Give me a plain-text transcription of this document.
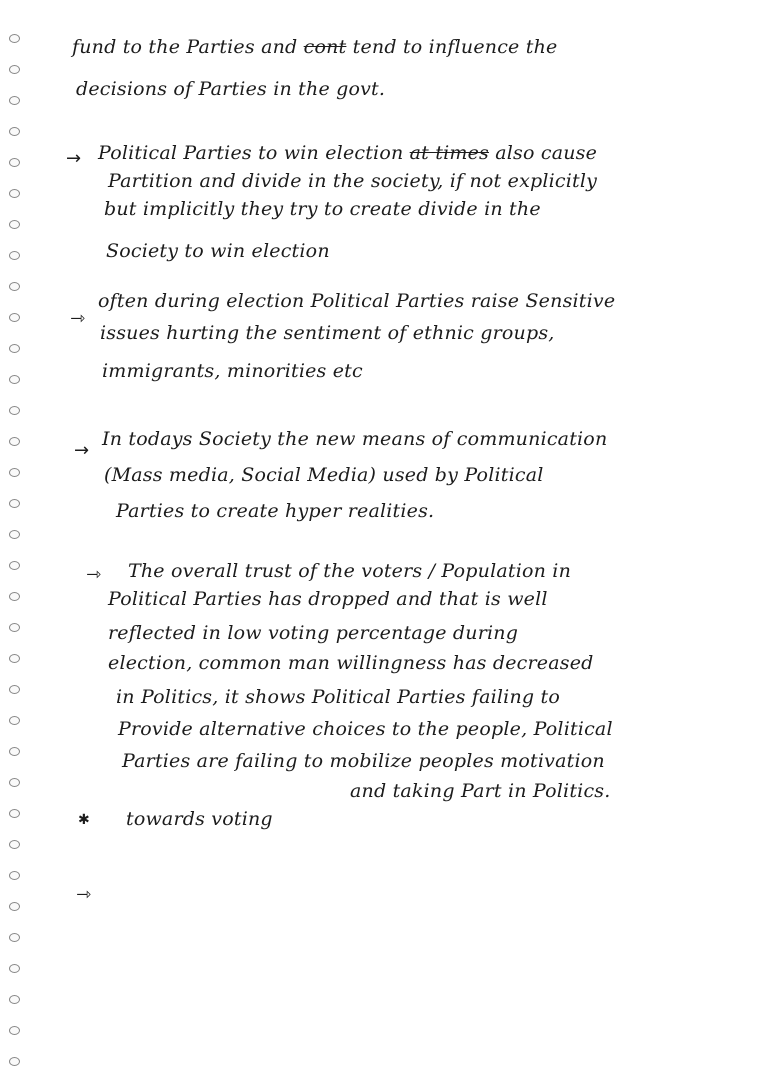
fund to the Parties and cont tend to influence the
decisions of Parties in the govt.
→ Political Parties to win election at times also cause
Partition and divide in the society, if not explicitly
but implicitly they try to create divide in the
Society to win election
⇾
often during election Political Parties raise Sensitive
issues hurting the sentiment of ethnic groups,
immigrants, minorities etc
→
In todays Society the new means of communication
(Mass media, Social Media) used by Political
Parties to create hyper realities.
⇾ The overall trust of the voters / Population in
Political Parties has dropped and that is well
reflected in low voting percentage during
election, common man willingness has decreased
in Politics, it shows Political Parties failing to
Provide alternative choices to the people, Political
Parties are failing to mobilize peoples motivation
✱ towards voting
and taking Part in Politics.
⇾
